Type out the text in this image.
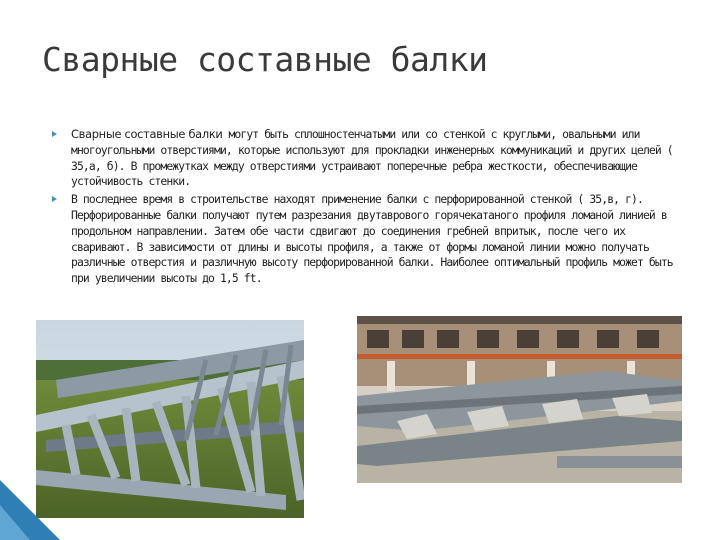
Сварные составные балки
Сварные составные балки могут быть сплошностенчатыми или со стенкой с круглыми, овальными или многоугольными отверстиями, которые используют для прокладки инженерных коммуникаций и других целей ( 35,а, б). В промежутках между отверстиями устраивают поперечные ребра жесткости, обеспечивающие устойчивость стенки.
В последнее время в строительстве находят применение балки с перфорированной стенкой ( 35,в, г). Перфорированные балки получают путем разрезания двутаврового горячекатаного профиля ломаной линией в продольном направлении. Затем обе части сдвигают до соединения гребней впритык, после чего их сваривают. В зависимости от длины и высоты профиля, а также от формы ломаной линии можно получать различные отверстия и различную высоту перфорированной балки. Наиболее оптимальный профиль может быть при увеличении высоты до 1,5 ft.
